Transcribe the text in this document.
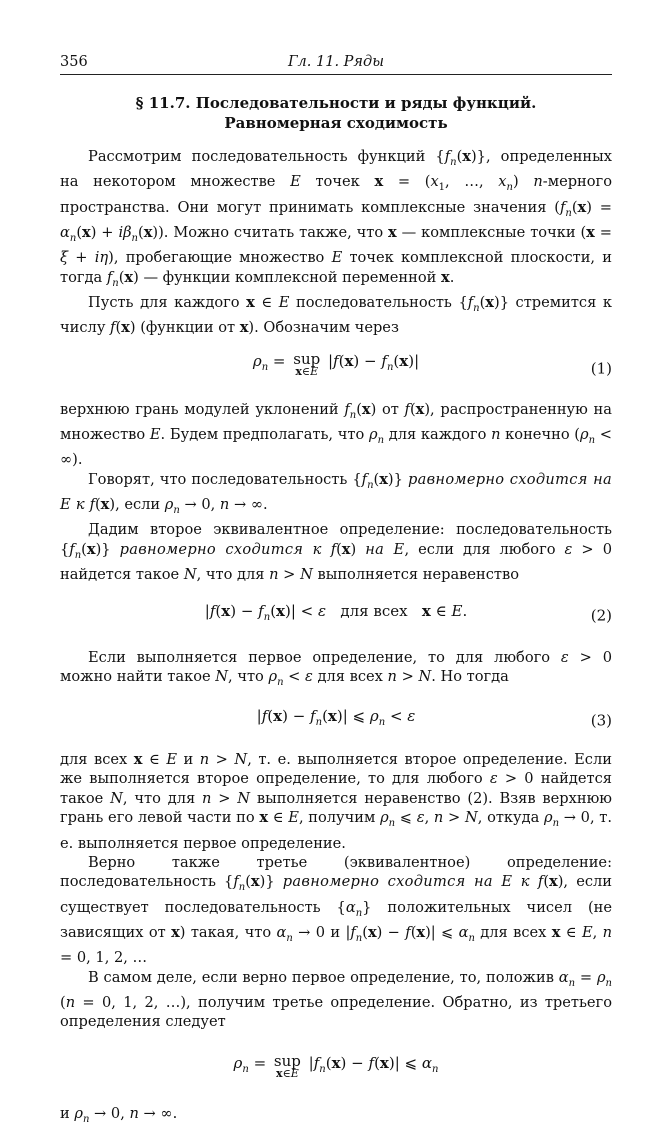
356	Гл. 11. Ряды
§ 11.7. Последовательности и ряды функций.
Равномерная сходимость

Рассмотрим последовательность функций $\{f_n(x)\}$, определенных на некотором множестве E точек $x = (x_1$, …, $x_n$) n-мерного пространства. Они могут принимать комплексные значения $(f_n(x) = \alpha_n(x) + i\beta_n(x))$. Можно считать также, что x — комплексные точки (x = ξ + iη), пробегающие множество E точек комплексной плоскости, и тогда $f_n(x)$ — функции комплексной переменной x.

Пусть для каждого x ∈ E последовательность $\{f_n(x)\}$ стремится к числу f(x) (функции от x). Обозначим через

$\rho_n$ = sup
x∈E
$|f(x) - f_n(x)|$	(1)

верхнюю грань модулей уклонений $f_n(x)$ от f(x), распространенную на множество E. Будем предполагать, что $\rho_n$ для каждого n конечно ($\rho_n$ < ∞).

Говорят, что последовательность $\{f_n(x)\}$ равномерно сходится на E к f(x), если $\rho_n \to 0$, n → ∞.

Дадим второе эквивалентное определение: последовательность $\{f_n(x)\}$ равномерно сходится к f(x) на E, если для любого ε > 0 найдется такое N, что для n > N выполняется неравенство

$|f(x) - f_n(x)| < \varepsilon$ для всех x ∈ E.	(2)

Если выполняется первое определение, то для любого ε > 0 можно найти такое N, что $\rho_n < \varepsilon$ для всех n > N. Но тогда

$|f(x) - f_n(x)|$ ⩽ $\rho_n < \varepsilon$	(3)

для всех x ∈ E и n > N, т. е. выполняется второе определение. Если же выполняется второе определение, то для любого ε > 0 найдется такое N, что для n > N выполняется неравенство (2). Взяв верхнюю грань его левой части по x ∈ E, получим $\rho_n$ ⩽ ε, n > N, откуда $\rho_n \to 0$, т. е. выполняется первое определение.

Верно также третье (эквивалентное) определение: последовательность $\{f_n(x)\}$ равномерно сходится на E к f(x), если существует последовательность $\{\alpha_n\}$ положительных чисел (не зависящих от x) такая, что $\alpha_n \to 0$ и $|f_n(x) - f(x)|$ ⩽ $\alpha_n$ для всех x ∈ E, n = 0, 1, 2, …

В самом деле, если верно первое определение, то, положив $\alpha_n = \rho_n$ (n = 0, 1, 2, …), получим третье определение. Обратно, из третьего определения следует

$\rho_n$ = sup
x∈E
$|f_n(x) - f(x)|$ ⩽ $\alpha_n$

и $\rho_n \to 0$, n → ∞.
